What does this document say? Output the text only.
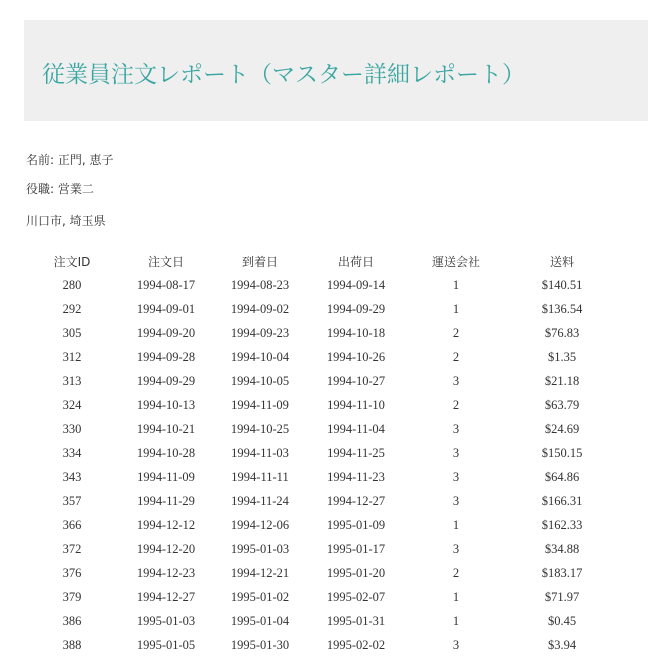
従業員注文レポート（マスター詳細レポート）
名前: 正門, 恵子
役職: 営業二
川口市, 埼玉県
注文ID	注文日	到着日	出荷日	運送会社	送料
280	1994-08-17	1994-08-23	1994-09-14	1	$140.51
292	1994-09-01	1994-09-02	1994-09-29	1	$136.54
305	1994-09-20	1994-09-23	1994-10-18	2	$76.83
312	1994-09-28	1994-10-04	1994-10-26	2	$1.35
313	1994-09-29	1994-10-05	1994-10-27	3	$21.18
324	1994-10-13	1994-11-09	1994-11-10	2	$63.79
330	1994-10-21	1994-10-25	1994-11-04	3	$24.69
334	1994-10-28	1994-11-03	1994-11-25	3	$150.15
343	1994-11-09	1994-11-11	1994-11-23	3	$64.86
357	1994-11-29	1994-11-24	1994-12-27	3	$166.31
366	1994-12-12	1994-12-06	1995-01-09	1	$162.33
372	1994-12-20	1995-01-03	1995-01-17	3	$34.88
376	1994-12-23	1994-12-21	1995-01-20	2	$183.17
379	1994-12-27	1995-01-02	1995-02-07	1	$71.97
386	1995-01-03	1995-01-04	1995-01-31	1	$0.45
388	1995-01-05	1995-01-30	1995-02-02	3	$3.94
